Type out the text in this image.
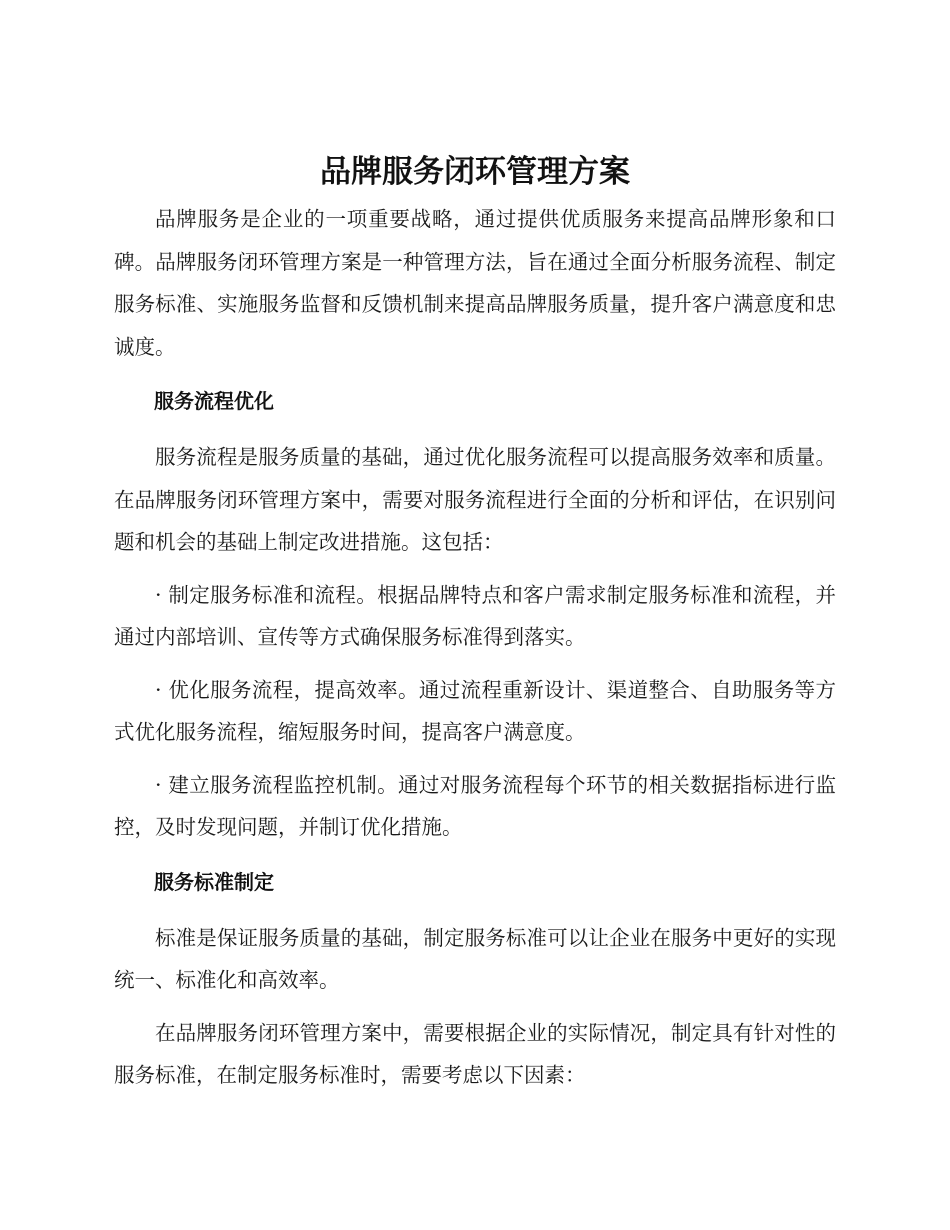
品牌服务闭环管理方案

品牌服务是企业的一项重要战略，通过提供优质服务来提高品牌形象和口碑。品牌服务闭环管理方案是一种管理方法，旨在通过全面分析服务流程、制定服务标准、实施服务监督和反馈机制来提高品牌服务质量，提升客户满意度和忠诚度。

服务流程优化

服务流程是服务质量的基础，通过优化服务流程可以提高服务效率和质量。在品牌服务闭环管理方案中，需要对服务流程进行全面的分析和评估，在识别问题和机会的基础上制定改进措施。这包括：

· 制定服务标准和流程。根据品牌特点和客户需求制定服务标准和流程，并通过内部培训、宣传等方式确保服务标准得到落实。

· 优化服务流程，提高效率。通过流程重新设计、渠道整合、自助服务等方式优化服务流程，缩短服务时间，提高客户满意度。

· 建立服务流程监控机制。通过对服务流程每个环节的相关数据指标进行监控，及时发现问题，并制订优化措施。

服务标准制定

标准是保证服务质量的基础，制定服务标准可以让企业在服务中更好的实现统一、标准化和高效率。

在品牌服务闭环管理方案中，需要根据企业的实际情况，制定具有针对性的服务标准，在制定服务标准时，需要考虑以下因素：
